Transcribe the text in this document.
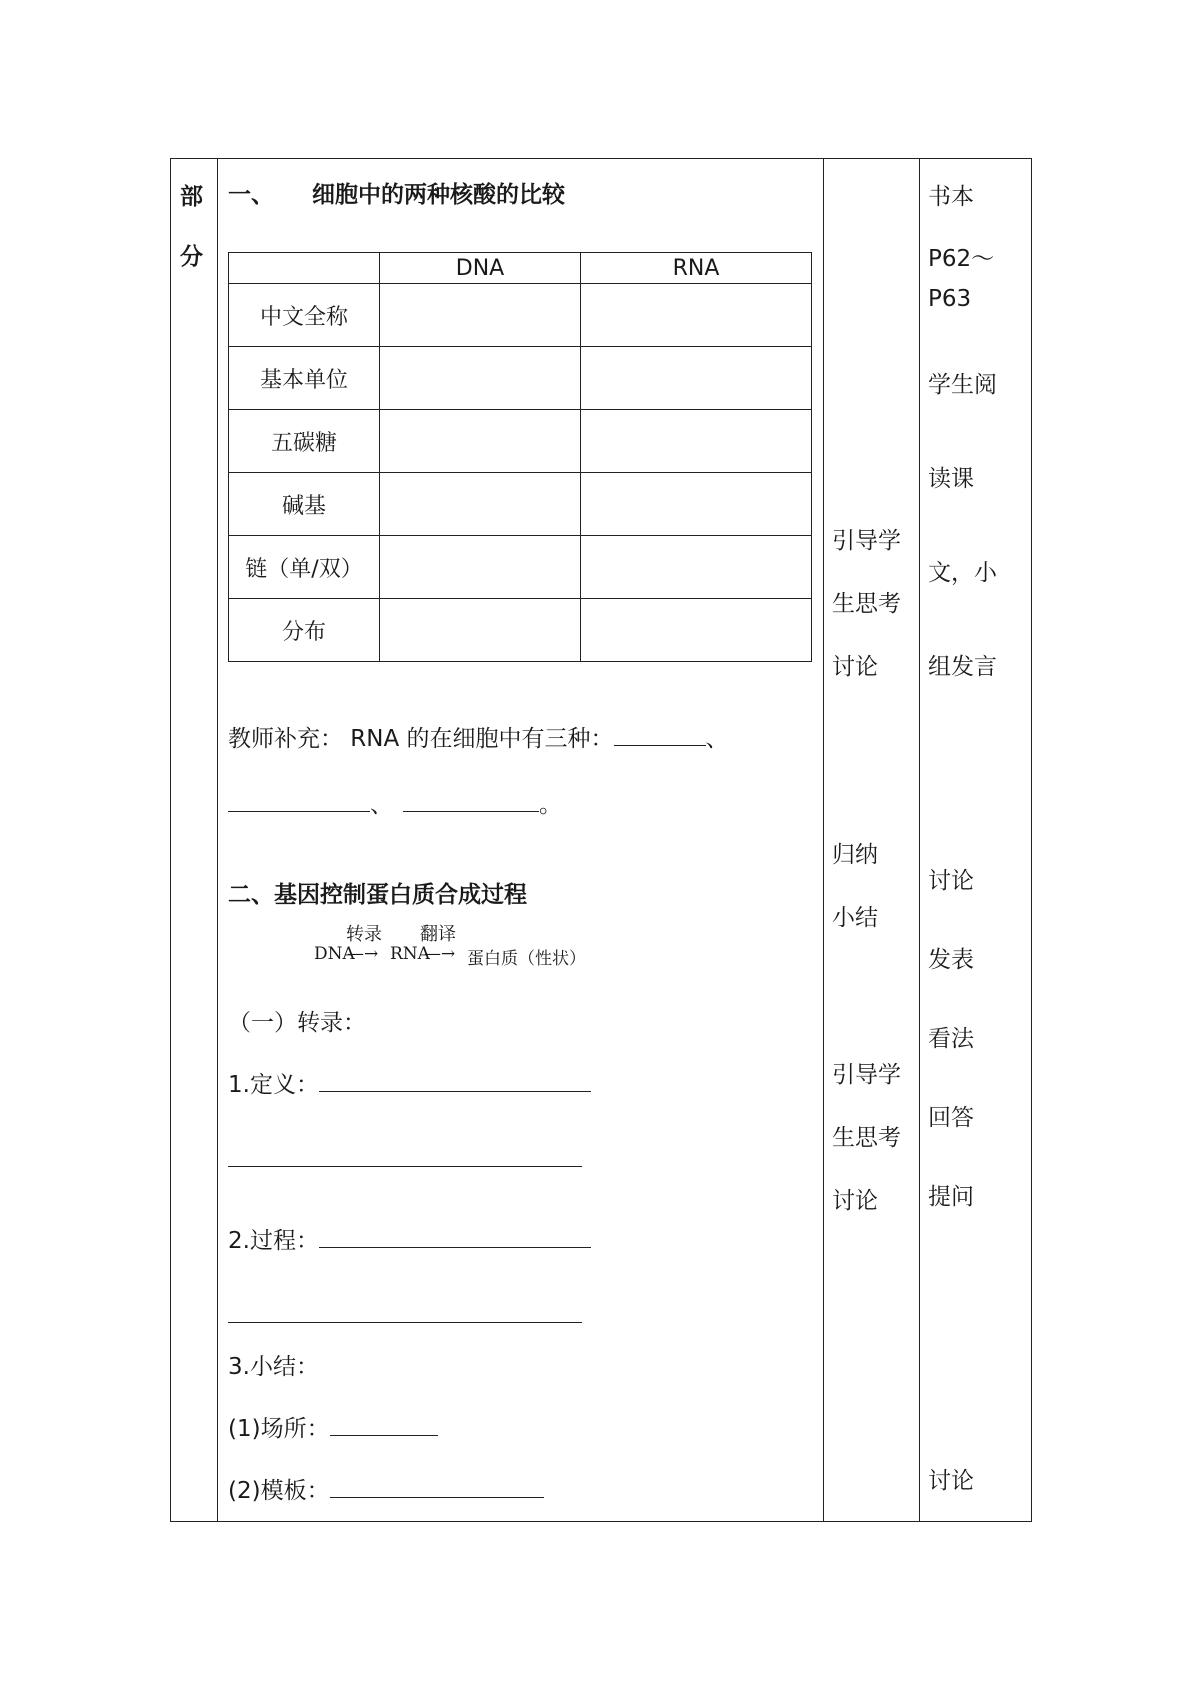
部
分
一、 细胞中的两种核酸的比较
	DNA	RNA
中文全称		
基本单位		
五碳糖		
碱基		
链（单/双）		
分布		
教师补充： RNA 的在细胞中有三种：	、
、	。
二、基因控制蛋白质合成过程
转录 翻译
DNA
—→ RNA
—→ 蛋白质（性状）
（一）转录：
1.定义：
2.过程：
3.小结：
(1)场所：
(2)模板：
引导学
生思考
讨论
归纳
小结
引导学
生思考
讨论
书本
P62～
P63
学生阅
读课
文，小
组发言
讨论
发表
看法
回答
提问
讨论
